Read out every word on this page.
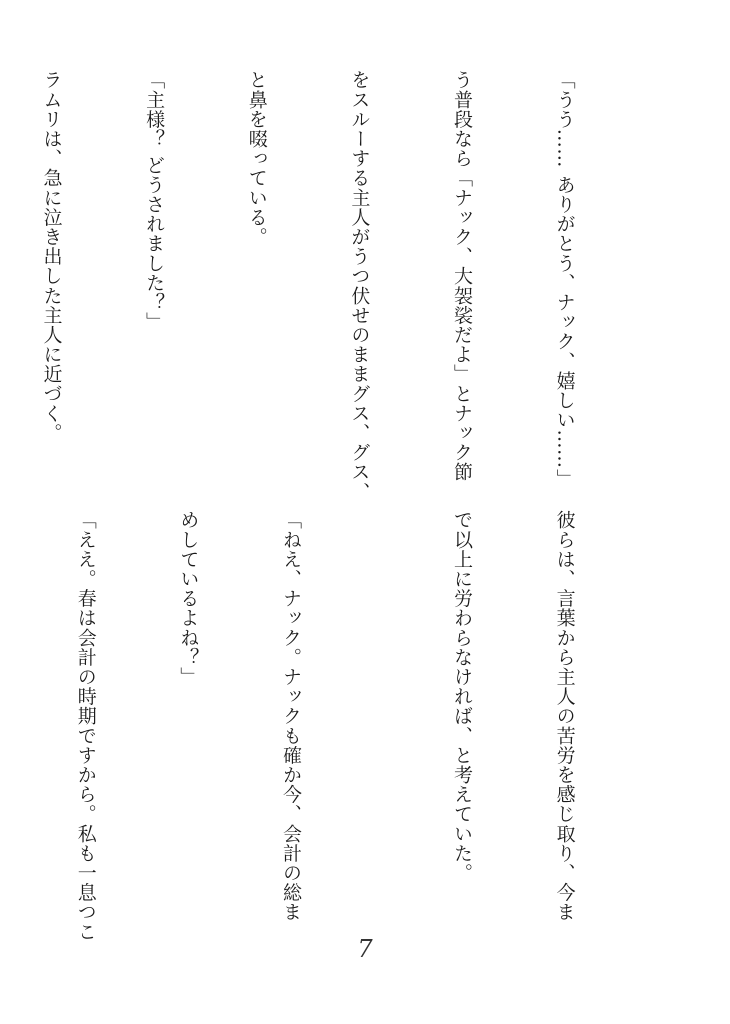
「うう…… ありがとう、ナック、嬉しい……」

う普段なら「ナック、大袈裟だよ」とナック節

をスルーする主人がうつ伏せのままグス、グス、

と鼻を啜っている。

「主様？ どうされました？」

ラムリは、急に泣き出した主人に近づく。

彼らは、言葉から主人の苦労を感じ取り、今ま

で以上に労わらなければ、と考えていた。

「ねえ、ナック。ナックも確か今、会計の総ま

めしているよね？」

「ええ。春は会計の時期ですから。私も一息つこ

7
